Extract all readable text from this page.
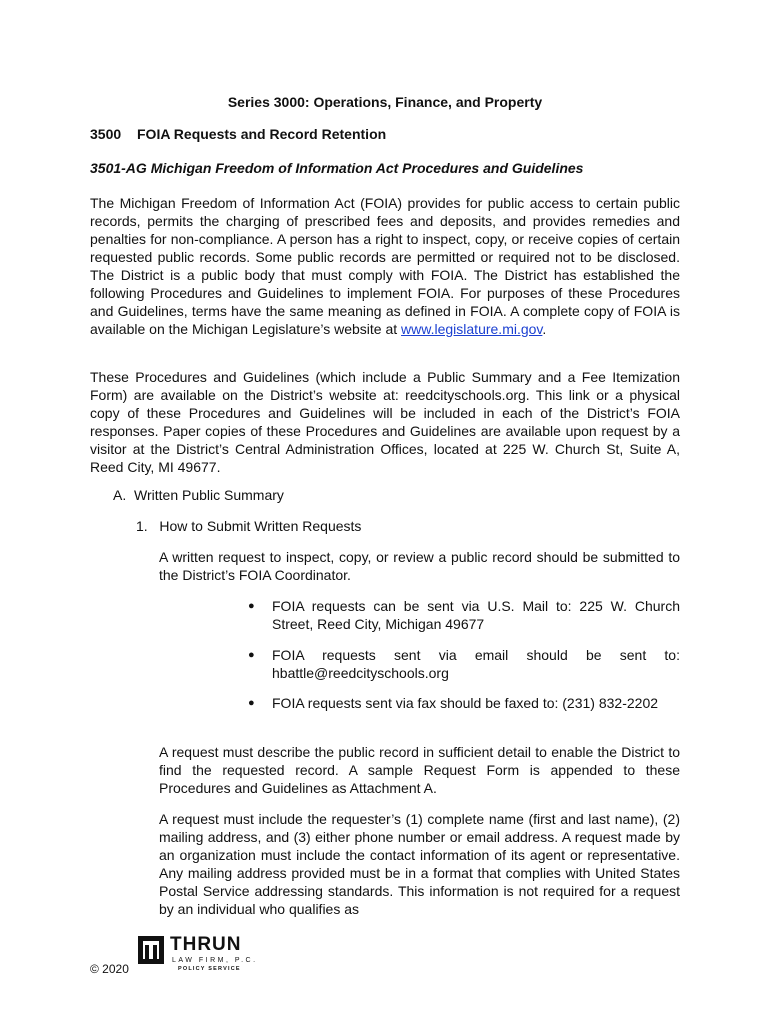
Series 3000: Operations, Finance, and Property
3500 FOIA Requests and Record Retention
3501-AG Michigan Freedom of Information Act Procedures and Guidelines

The Michigan Freedom of Information Act (FOIA) provides for public access to certain public records, permits the charging of prescribed fees and deposits, and provides remedies and penalties for non-compliance. A person has a right to inspect, copy, or receive copies of certain requested public records. Some public records are permitted or required not to be disclosed. The District is a public body that must comply with FOIA. The District has established the following Procedures and Guidelines to implement FOIA. For purposes of these Procedures and Guidelines, terms have the same meaning as defined in FOIA. A complete copy of FOIA is available on the Michigan Legislature’s website at www.legislature.mi.gov.

These Procedures and Guidelines (which include a Public Summary and a Fee Itemization Form) are available on the District’s website at: reedcityschools.org. This link or a physical copy of these Procedures and Guidelines will be included in each of the District’s FOIA responses. Paper copies of these Procedures and Guidelines are available upon request by a visitor at the District’s Central Administration Offices, located at 225 W. Church St, Suite A, Reed City, MI 49677.

A. Written Public Summary
1. How to Submit Written Requests

A written request to inspect, copy, or review a public record should be submitted to the District’s FOIA Coordinator.

● FOIA requests can be sent via U.S. Mail to: 225 W. Church Street, Reed City, Michigan 49677
● FOIA requests sent via email should be sent to: hbattle@reedcityschools.org
● FOIA requests sent via fax should be faxed to: (231) 832-2202

A request must describe the public record in sufficient detail to enable the District to find the requested record. A sample Request Form is appended to these Procedures and Guidelines as Attachment A.

A request must include the requester’s (1) complete name (first and last name), (2) mailing address, and (3) either phone number or email address. A request made by an organization must include the contact information of its agent or representative. Any mailing address provided must be in a format that complies with United States Postal Service addressing standards. This information is not required for a request by an individual who qualifies as

© 2020
THRUN
LAW FIRM, P.C.
POLICY SERVICE
